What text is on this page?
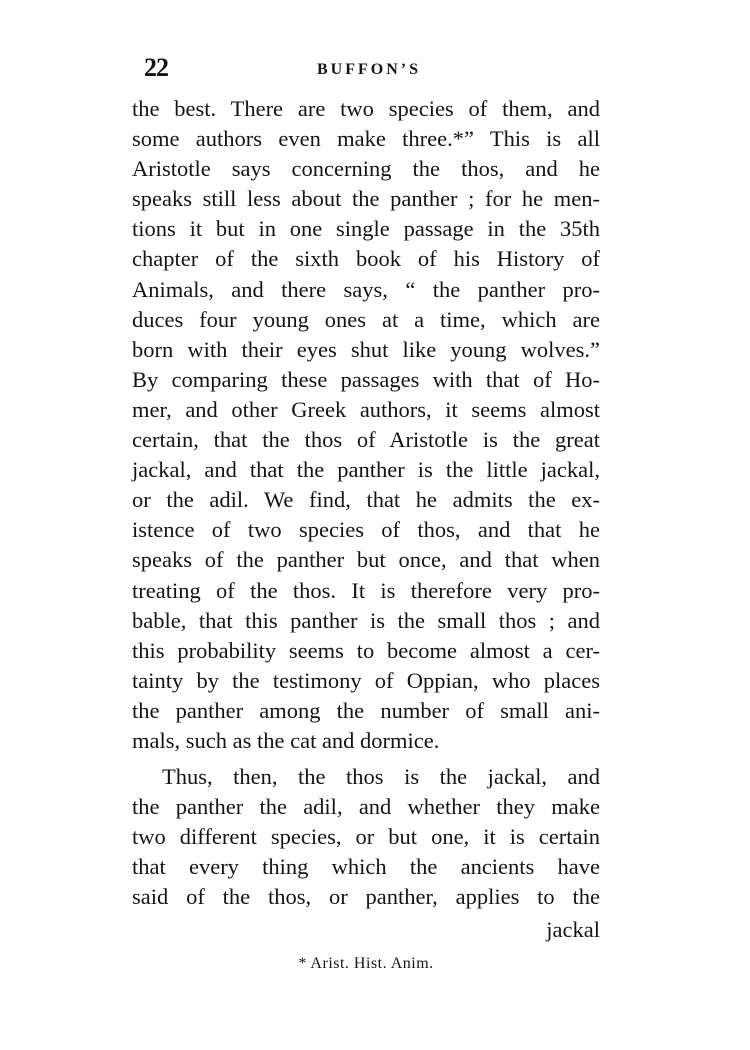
22	BUFFON’S
the best. There are two species of them, and
some authors even make three.*” This is all
Aristotle says concerning the thos, and he
speaks still less about the panther ; for he men-
tions it but in one single passage in the 35th
chapter of the sixth book of his History of
Animals, and there says, “ the panther pro-
duces four young ones at a time, which are
born with their eyes shut like young wolves.”
By comparing these passages with that of Ho-
mer, and other Greek authors, it seems almost
certain, that the thos of Aristotle is the great
jackal, and that the panther is the little jackal,
or the adil. We find, that he admits the ex-
istence of two species of thos, and that he
speaks of the panther but once, and that when
treating of the thos. It is therefore very pro-
bable, that this panther is the small thos ; and
this probability seems to become almost a cer-
tainty by the testimony of Oppian, who places
the panther among the number of small ani-
mals, such as the cat and dormice.
Thus, then, the thos is the jackal, and
the panther the adil, and whether they make
two different species, or but one, it is certain
that every thing which the ancients have
said of the thos, or panther, applies to the
jackal
* Arist. Hist. Anim.
